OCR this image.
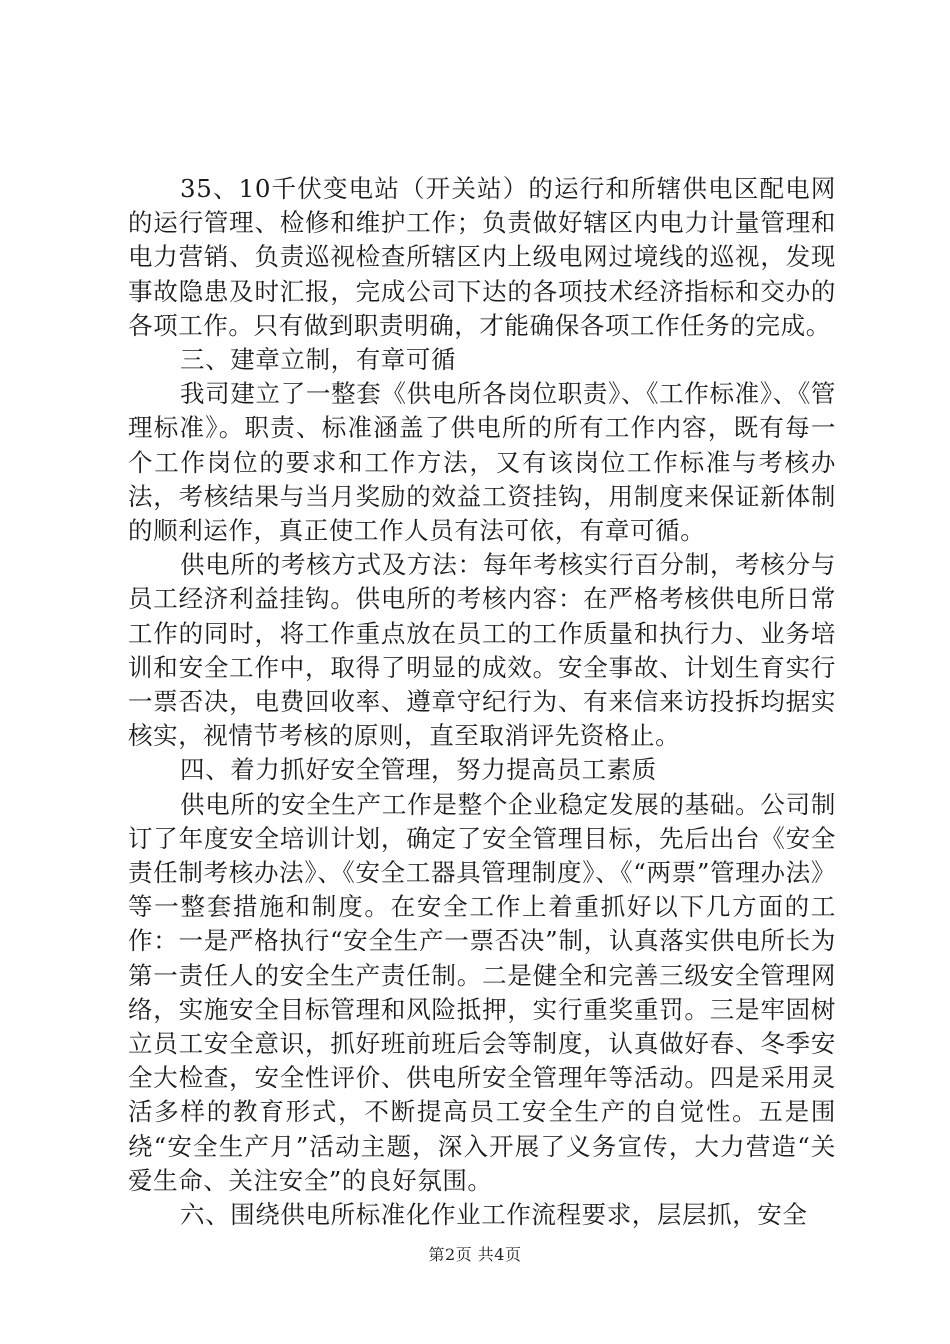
35、10千伏变电站（开关站）的运行和所辖供电区配电网的运行管理、检修和维护工作；负责做好辖区内电力计量管理和电力营销、负责巡视检查所辖区内上级电网过境线的巡视，发现事故隐患及时汇报，完成公司下达的各项技术经济指标和交办的各项工作。只有做到职责明确，才能确保各项工作任务的完成。

三、建章立制，有章可循

我司建立了一整套《供电所各岗位职责》、《工作标准》、《管理标准》。职责、标准涵盖了供电所的所有工作内容，既有每一个工作岗位的要求和工作方法，又有该岗位工作标准与考核办法，考核结果与当月奖励的效益工资挂钩，用制度来保证新体制的顺利运作，真正使工作人员有法可依，有章可循。

供电所的考核方式及方法：每年考核实行百分制，考核分与员工经济利益挂钩。供电所的考核内容：在严格考核供电所日常工作的同时，将工作重点放在员工的工作质量和执行力、业务培训和安全工作中，取得了明显的成效。安全事故、计划生育实行一票否决，电费回收率、遵章守纪行为、有来信来访投拆均据实核实，视情节考核的原则，直至取消评先资格止。

四、着力抓好安全管理，努力提高员工素质

供电所的安全生产工作是整个企业稳定发展的基础。公司制订了年度安全培训计划，确定了安全管理目标，先后出台《安全责任制考核办法》、《安全工器具管理制度》、《“两票”管理办法》等一整套措施和制度。在安全工作上着重抓好以下几方面的工作：一是严格执行“安全生产一票否决”制，认真落实供电所长为第一责任人的安全生产责任制。二是健全和完善三级安全管理网络，实施安全目标管理和风险抵押，实行重奖重罚。三是牢固树立员工安全意识，抓好班前班后会等制度，认真做好春、冬季安全大检查，安全性评价、供电所安全管理年等活动。四是采用灵活多样的教育形式，不断提高员工安全生产的自觉性。五是围绕“安全生产月”活动主题，深入开展了义务宣传，大力营造“关爱生命、关注安全”的良好氛围。

六、围绕供电所标准化作业工作流程要求，层层抓，安全

第2页 共4页
